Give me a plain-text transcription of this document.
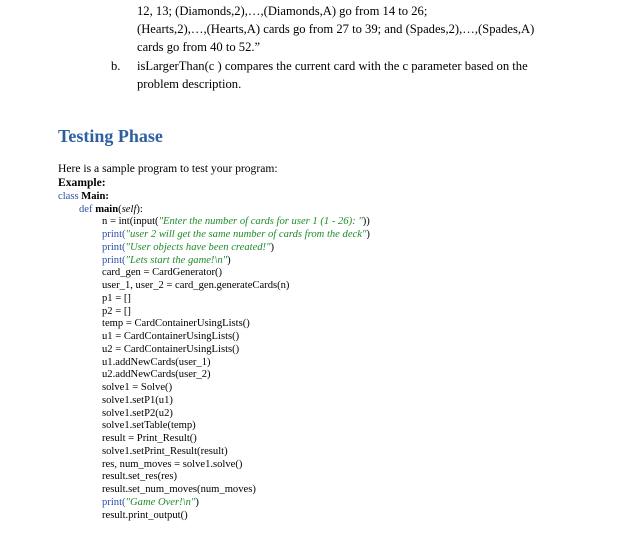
12, 13; (Diamonds,2),…,(Diamonds,A) go from 14 to 26;
(Hearts,2),…,(Hearts,A) cards go from 27 to 39; and (Spades,2),…,(Spades,A)
cards go from 40 to 52.”
b. isLargerThan(c ) compares the current card with the c parameter based on the
problem description.
Testing Phase
Here is a sample program to test your program:
Example:
class Main:
def main(self):
n = int(input("Enter the number of cards for user 1 (1 - 26): "))
print("user 2 will get the same number of cards from the deck")
print("User objects have been created!")
print("Lets start the game!\n")
card_gen = CardGenerator()
user_1, user_2 = card_gen.generateCards(n)
p1 = []
p2 = []
temp = CardContainerUsingLists()
u1 = CardContainerUsingLists()
u2 = CardContainerUsingLists()
u1.addNewCards(user_1)
u2.addNewCards(user_2)
solve1 = Solve()
solve1.setP1(u1)
solve1.setP2(u2)
solve1.setTable(temp)
result = Print_Result()
solve1.setPrint_Result(result)
res, num_moves = solve1.solve()
result.set_res(res)
result.set_num_moves(num_moves)
print("Game Over!\n")
result.print_output()
